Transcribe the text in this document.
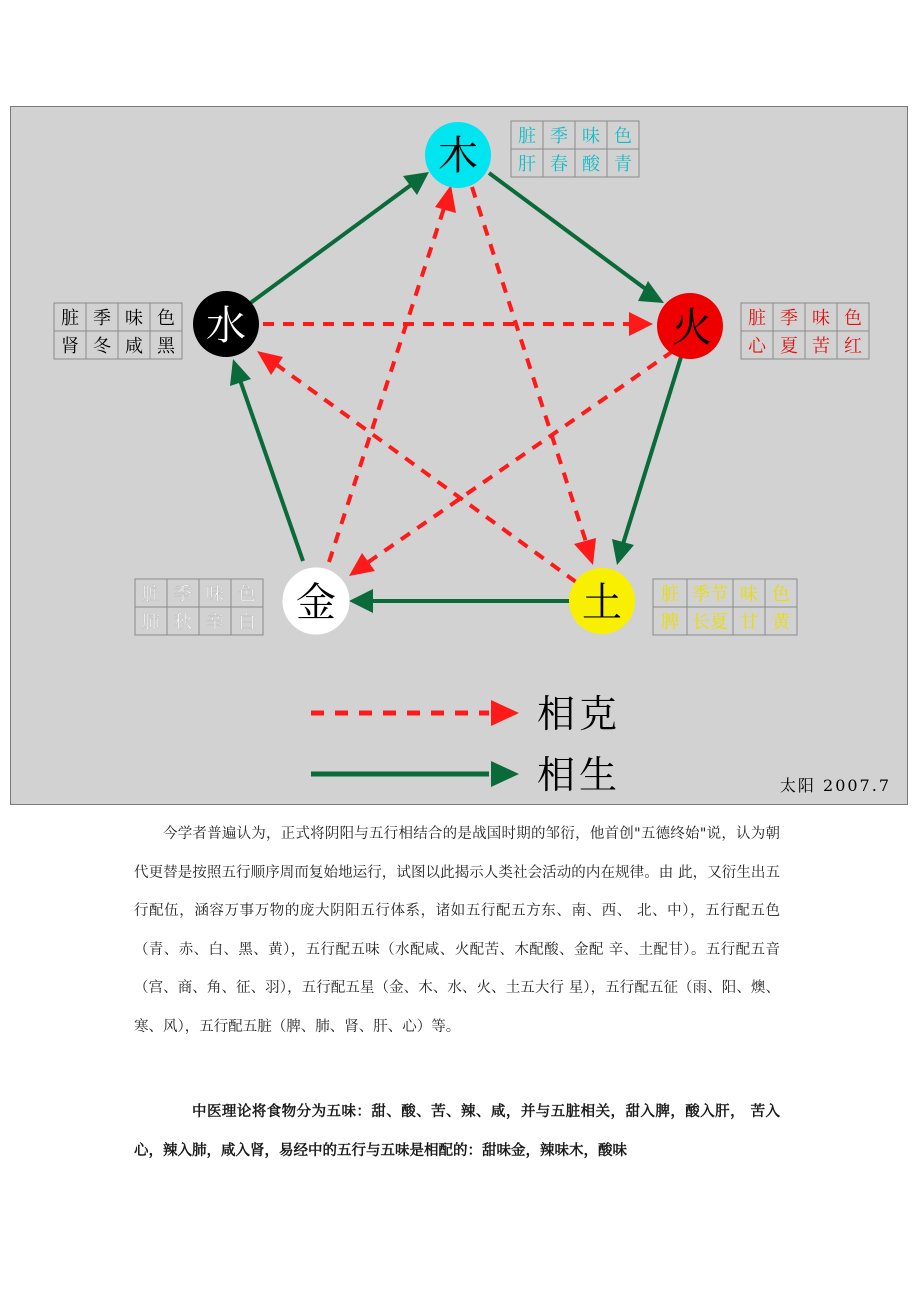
木
火
土
金
水
脏 季 味 色
肝 春 酸 青
脏 季 味 色
心 夏 苦 红
脏 季节 味 色
脾 长夏 甘 黄
脏 季 味 色
肺 秋 辛 白
脏 季 味 色
肾 冬 咸 黑
相克
相生	太阳 2007.7

今学者普遍认为，正式将阴阳与五行相结合的是战国时期的邹衍，他首创"五德终始"说，认为朝代更替是按照五行顺序周而复始地运行，试图以此揭示人类社会活动的内在规律。由 此，又衍生出五行配伍，涵容万事万物的庞大阴阳五行体系，诸如五行配五方东、南、西、 北、中），五行配五色（青、赤、白、黑、黄），五行配五味（水配咸、火配苦、木配酸、金配 辛、土配甘）。五行配五音（宫、商、角、征、羽），五行配五星（金、木、水、火、土五大行 星），五行配五征（雨、阳、燠、寒、风），五行配五脏（脾、肺、肾、肝、心）等。

中医理论将食物分为五味：甜、酸、苦、辣、咸，并与五脏相关，甜入脾，酸入肝， 苦入心，辣入肺，咸入肾，易经中的五行与五味是相配的：甜味金，辣味木，酸味
